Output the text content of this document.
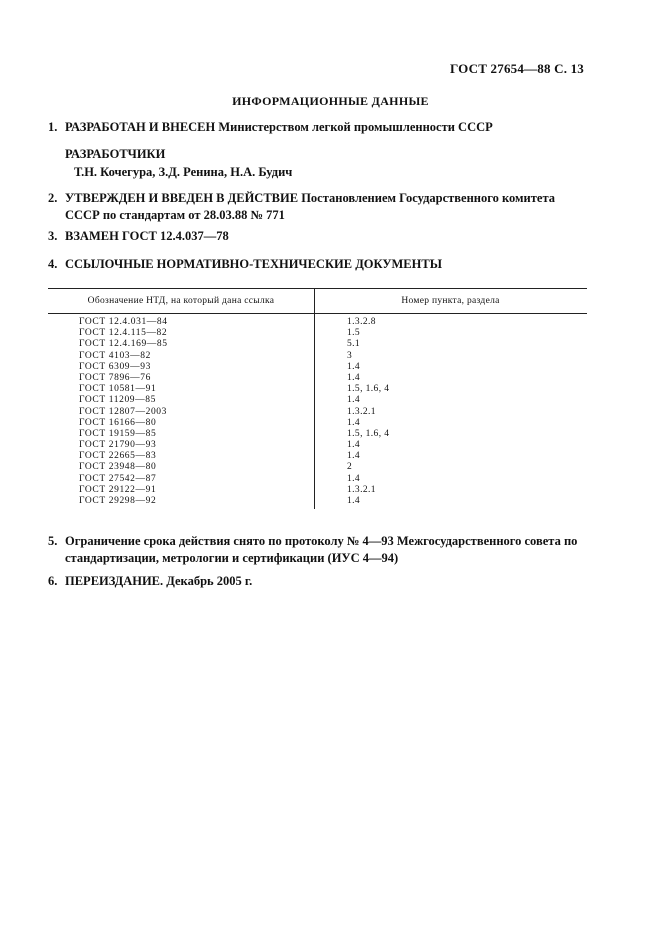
ГОСТ 27654—88 С. 13
ИНФОРМАЦИОННЫЕ ДАННЫЕ
1. РАЗРАБОТАН И ВНЕСЕН Министерством легкой промышленности СССР
РАЗРАБОТЧИКИ
Т.Н. Кочегура, З.Д. Ренина, Н.А. Будич
2. УТВЕРЖДЕН И ВВЕДЕН В ДЕЙСТВИЕ Постановлением Государственного комитета СССР по стандартам от 28.03.88 № 771
3. ВЗАМЕН ГОСТ 12.4.037—78
4. ССЫЛОЧНЫЕ НОРМАТИВНО-ТЕХНИЧЕСКИЕ ДОКУМЕНТЫ
Обозначение НТД, на который дана ссылка	Номер пункта, раздела
ГОСТ 12.4.031—84	1.3.2.8
ГОСТ 12.4.115—82	1.5
ГОСТ 12.4.169—85	5.1
ГОСТ 4103—82	3
ГОСТ 6309—93	1.4
ГОСТ 7896—76	1.4
ГОСТ 10581—91	1.5, 1.6, 4
ГОСТ 11209—85	1.4
ГОСТ 12807—2003	1.3.2.1
ГОСТ 16166—80	1.4
ГОСТ 19159—85	1.5, 1.6, 4
ГОСТ 21790—93	1.4
ГОСТ 22665—83	1.4
ГОСТ 23948—80	2
ГОСТ 27542—87	1.4
ГОСТ 29122—91	1.3.2.1
ГОСТ 29298—92	1.4
5. Ограничение срока действия снято по протоколу № 4—93 Межгосударственного совета по стандартизации, метрологии и сертификации (ИУС 4—94)
6. ПЕРЕИЗДАНИЕ. Декабрь 2005 г.
